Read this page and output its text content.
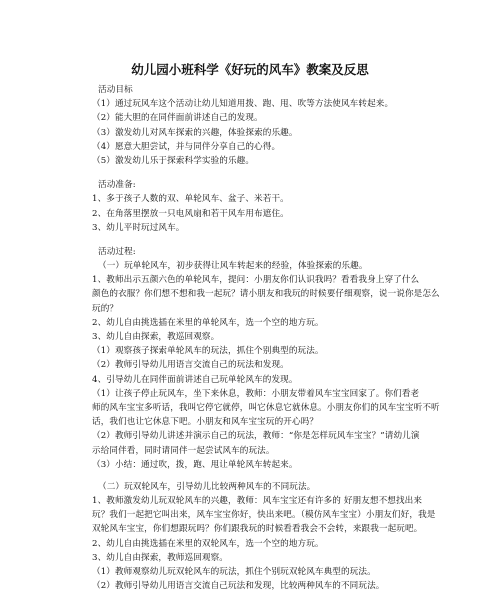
幼儿园小班科学《好玩的风车》教案及反思
活动目标
（1）通过玩风车这个活动让幼儿知道用拨、跑、甩、吹等方法使风车转起来。
（2）能大胆的在同伴面前讲述自己的发现。
（3）激发幼儿对风车探索的兴趣，体验探索的乐趣。
（4）愿意大胆尝试，并与同伴分享自己的心得。
（5）激发幼儿乐于探索科学实验的乐趣。
活动准备:
1、多于孩子人数的双、单轮风车、盆子、米若干。
2、在角落里摆放一只电风扇和若干风车用布遮住。
3、幼儿平时玩过风车。
活动过程:
（一）玩单轮风车，初步获得让风车转起来的经验，体验探索的乐趣。
1、教师出示五颜六色的单轮风车，提问：小朋友你们认识我吗？看看我身上穿了什么
颜色的衣服？你们想不想和我一起玩？请小朋友和我玩的时候要仔细观察，说一说你是怎么
玩的？
2、幼儿自由挑选插在米里的单轮风车，选一个空的地方玩。
3、幼儿自由探索，教巡回观察。
（1）观察孩子探索单轮风车的玩法，抓住个别典型的玩法。
（2）教师引导幼儿用语言交流自己的玩法和发现。
4、引导幼儿在同伴面前讲述自己玩单轮风车的发现。
（1）让孩子停止玩风车，坐下来休息，教师：小朋友带着风车宝宝回家了。你们看老
师的风车宝宝多听话，我叫它停它就停，叫它休息它就休息。小朋友你们的风车宝宝听不听
话，我们也让它休息下吧。小朋友和风车宝宝玩的开心吗？
（2）教师引导幼儿讲述并演示自己的玩法，教师：“你是怎样玩风车宝宝？”请幼儿演
示给同伴看，同时请同伴一起尝试风车的玩法。
（3）小结：通过吹，拨，跑、甩让单轮风车转起来。
（二）玩双轮风车，引导幼儿比较两种风车的不同玩法。
1、教师激发幼儿玩双轮风车的兴趣，教师：风车宝宝还有许多的 好朋友想不想找出来
玩？我们一起把它叫出来，风车宝宝你好，快出来吧。（模仿风车宝宝）小朋友们好，我是
双轮风车宝宝，你们想跟玩吗？你们跟我玩的时候看看我会不会转，来跟我一起玩吧。
2、幼儿自由挑选插在米里的双轮风车，选一个空的地方玩。
3、幼儿自由探索，教师巡回观察。
（1）教师观察幼儿玩双轮风车的玩法，抓住个别玩双轮风车典型的玩法。
（2）教师引导幼儿用语言交流自己玩法和发现，比较两种风车的不同玩法。
